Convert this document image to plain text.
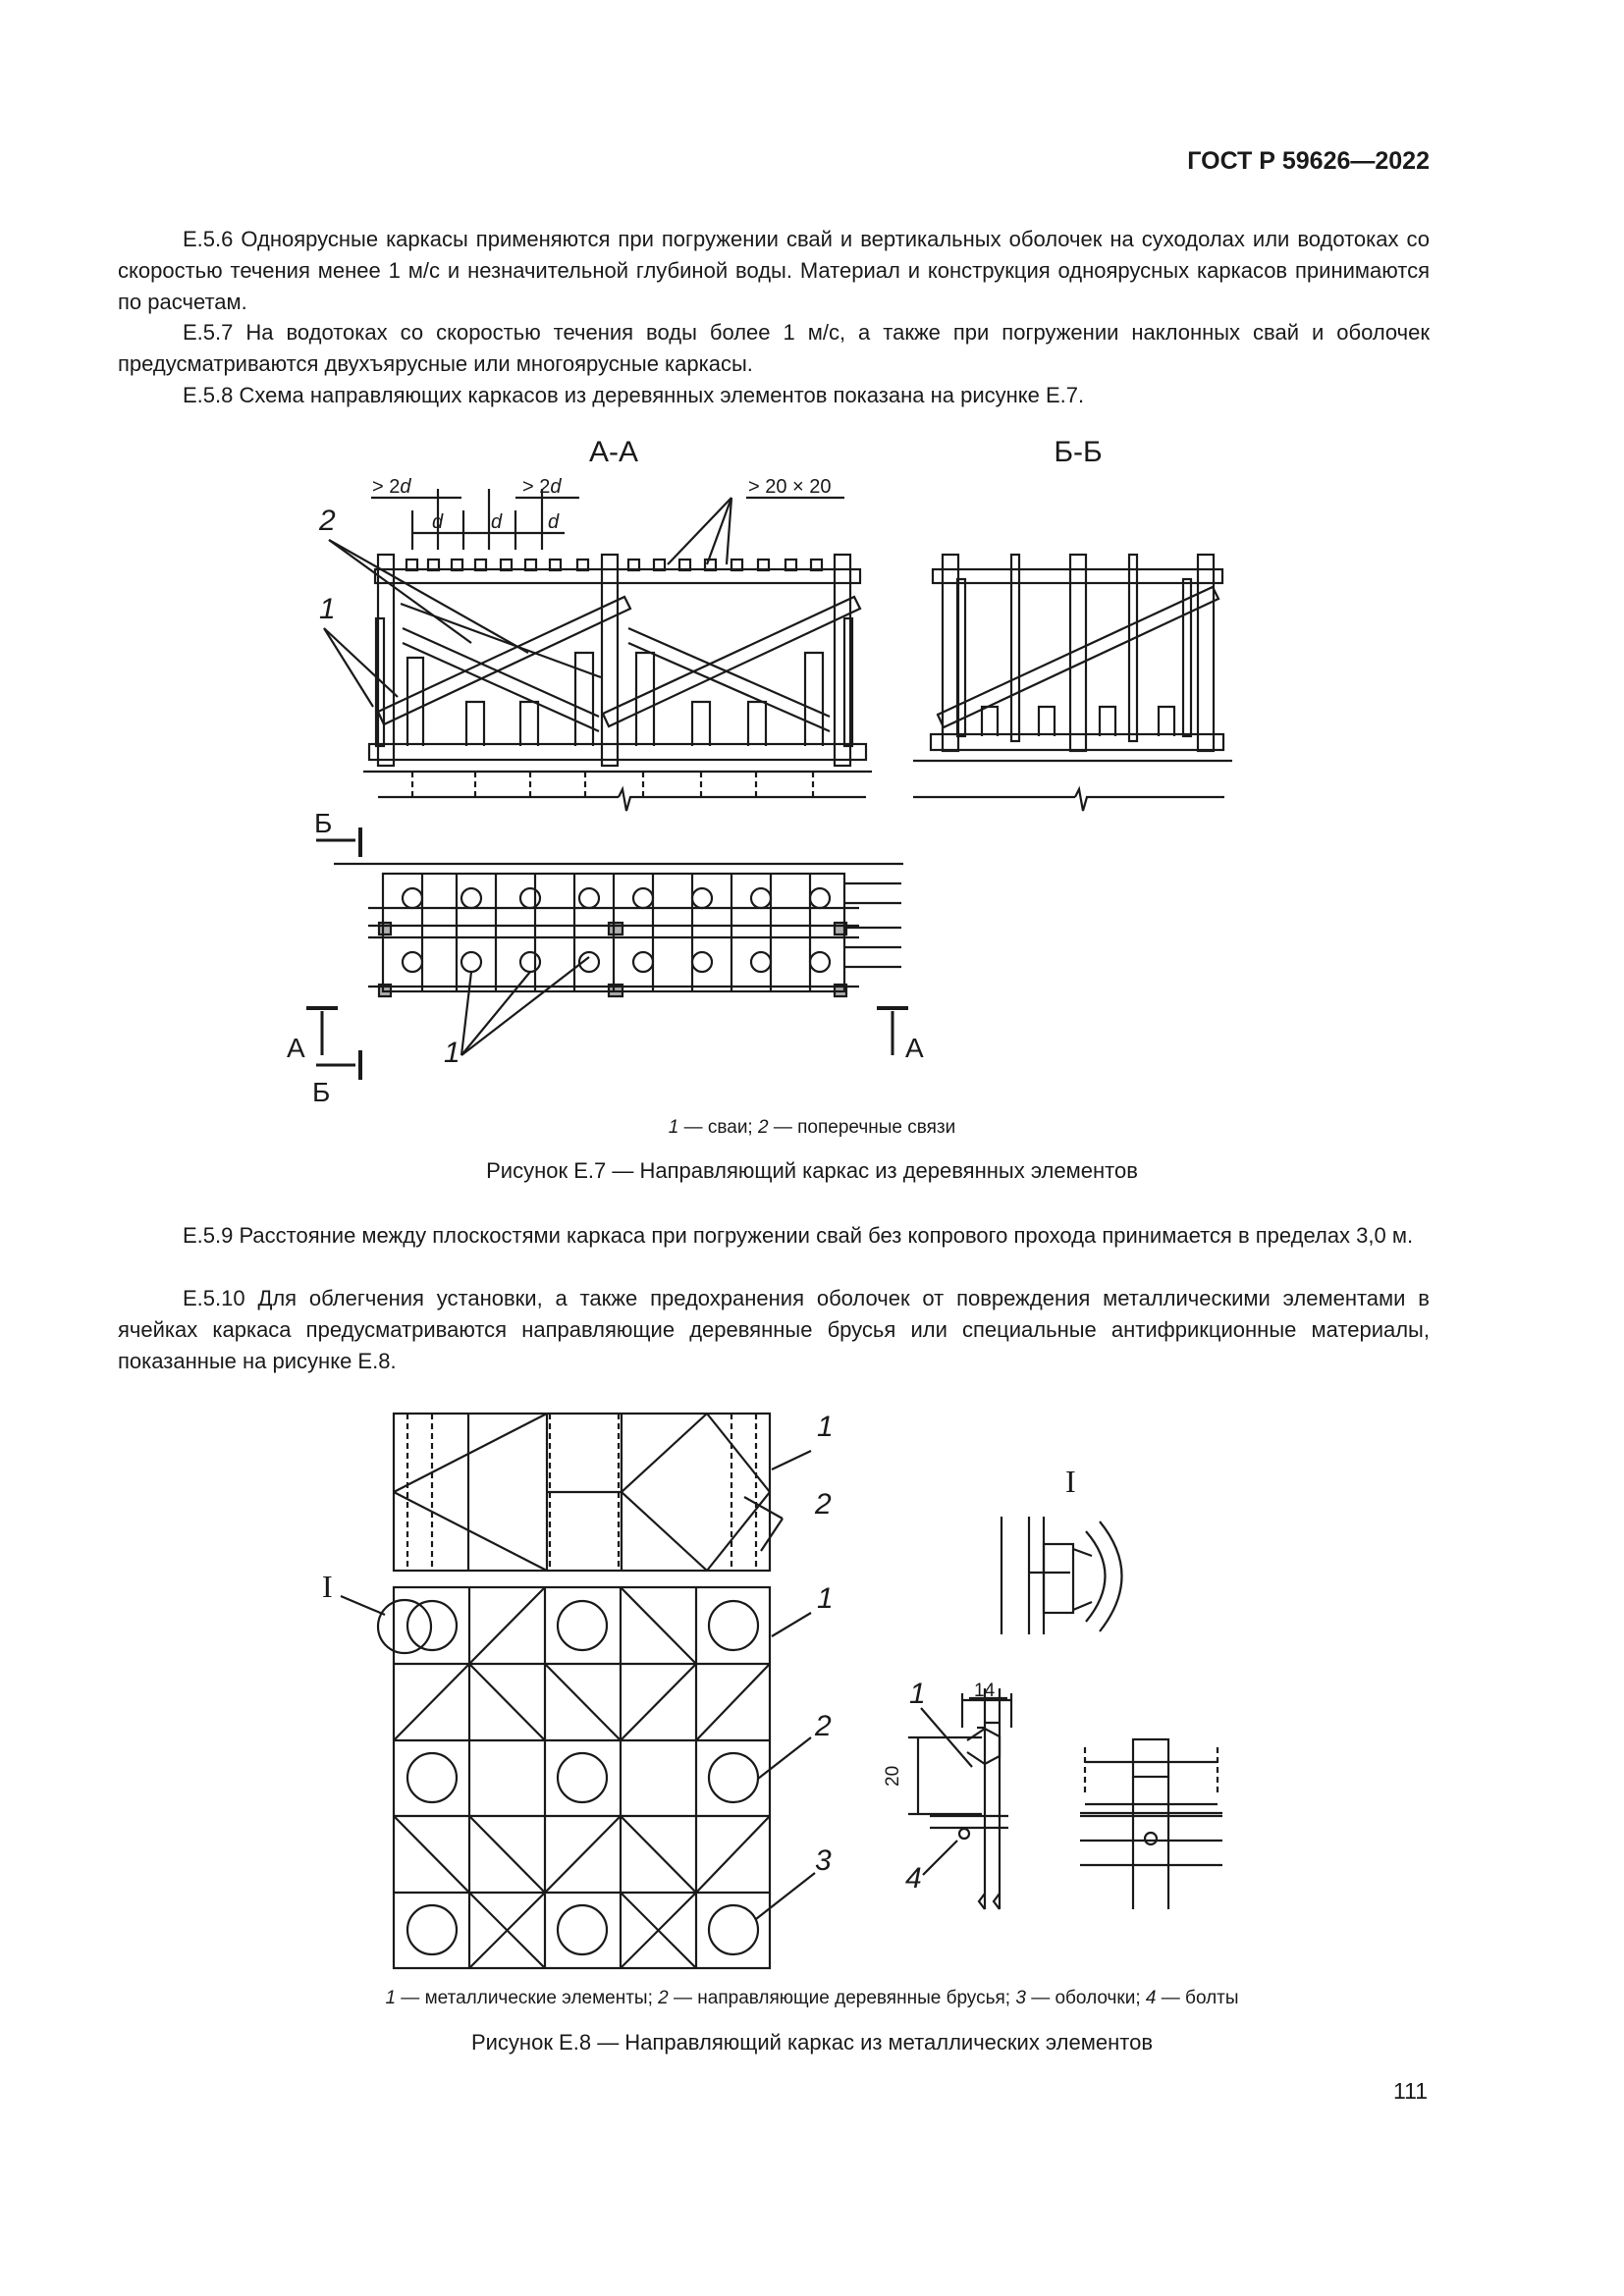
ГОСТ Р 59626—2022
Е.5.6 Одноярусные каркасы применяются при погружении свай и вертикальных оболочек на суходолах или водотоках со скоростью течения менее 1 м/с и незначительной глубиной воды. Материал и конструкция одноярусных каркасов принимаются по расчетам.
Е.5.7 На водотоках со скоростью течения воды более 1 м/с, а также при погружении наклонных свай и оболочек предусматриваются двухъярусные или многоярусные каркасы.
Е.5.8 Схема направляющих каркасов из деревянных элементов показана на рисунке Е.7.
А-А	Б-Б
> 2d	> 2d
d d d
> 20 × 20
2
1
Б
А
Б
А
1
1 — сваи; 2 — поперечные связи
Рисунок Е.7 — Направляющий каркас из деревянных элементов
Е.5.9 Расстояние между плоскостями каркаса при погружении свай без копрового прохода принимается в пределах 3,0 м.
Е.5.10 Для облегчения установки, а также предохранения оболочек от повреждения металлическими элементами в ячейках каркаса предусматриваются направляющие деревянные брусья или специальные антифрикционные материалы, показанные на рисунке Е.8.
I
I
1
2
1
2
3
1
4
14
20
1 — металлические элементы; 2 — направляющие деревянные брусья; 3 — оболочки; 4 — болты
Рисунок Е.8 — Направляющий каркас из металлических элементов
111
